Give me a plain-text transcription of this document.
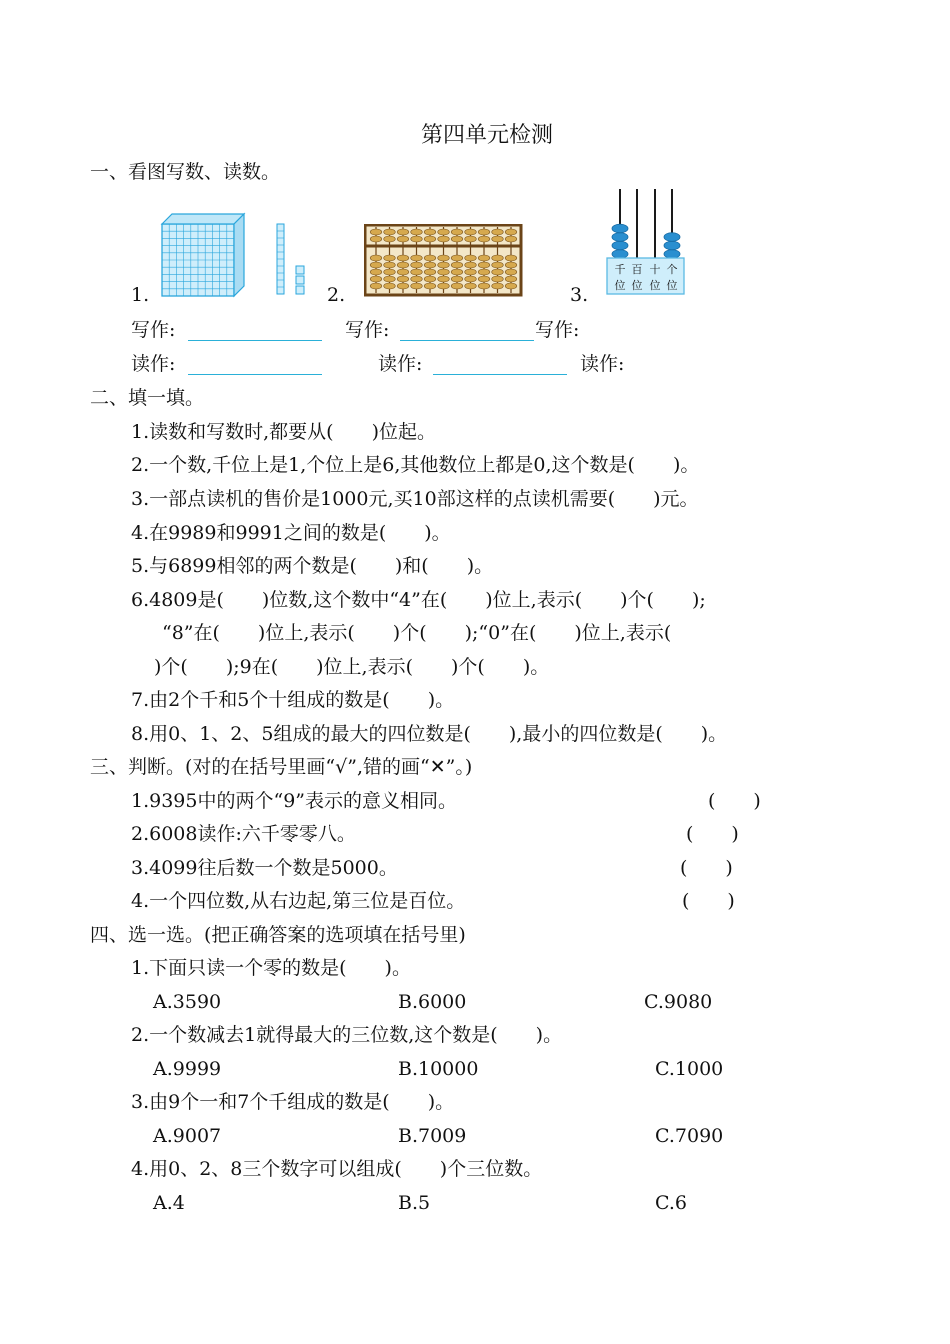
第四单元检测
一、看图写数、读数。
1.	2.
千 百 十 个
位 位 位 位
3.
写作:	写作:	写作:
读作:	读作:	读作:
二、填一填。
1.读数和写数时,都要从(　　)位起。
2.一个数,千位上是1,个位上是6,其他数位上都是0,这个数是(　　)。
3.一部点读机的售价是1000元,买10部这样的点读机需要(　　)元。
4.在9989和9991之间的数是(　　)。
5.与6899相邻的两个数是(　　)和(　　)。
6.4809是(　　)位数,这个数中“4”在(　　)位上,表示(　　)个(　　);
“8”在(　　)位上,表示(　　)个(　　);“0”在(　　)位上,表示(
)个(　　);9在(　　)位上,表示(　　)个(　　)。
7.由2个千和5个十组成的数是(　　)。
8.用0、1、2、5组成的最大的四位数是(　　),最小的四位数是(　　)。
三、判断。(对的在括号里画“√”,错的画“✕”。)
1.9395中的两个“9”表示的意义相同。	(　　)
2.6008读作:六千零零八。	(　　)
3.4099往后数一个数是5000。	(　　)
4.一个四位数,从右边起,第三位是百位。	(　　)
四、选一选。(把正确答案的选项填在括号里)
1.下面只读一个零的数是(　　)。
A.3590	B.6000	C.9080
2.一个数减去1就得最大的三位数,这个数是(　　)。
A.9999	B.10000	C.1000
3.由9个一和7个千组成的数是(　　)。
A.9007	B.7009	C.7090
4.用0、2、8三个数字可以组成(　　)个三位数。
A.4	B.5	C.6
